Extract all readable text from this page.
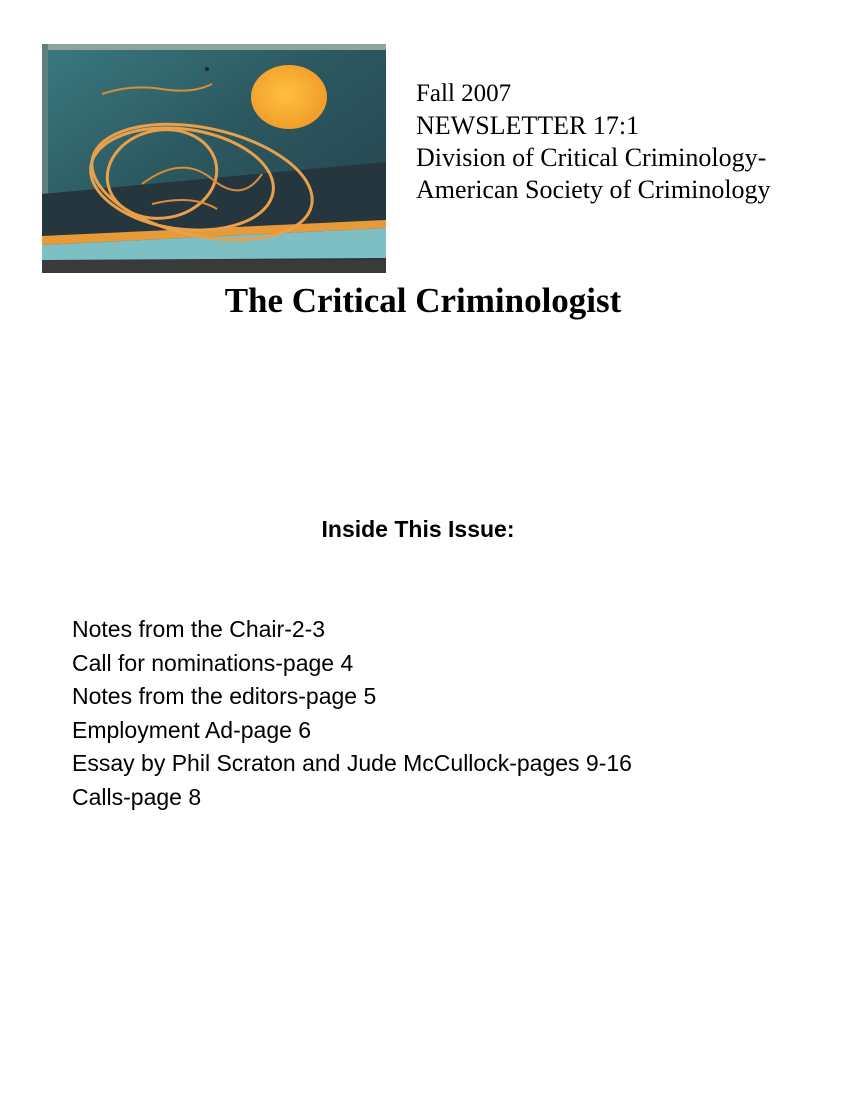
Fall 2007
NEWSLETTER 17:1
Division of Critical Criminology-
American Society of Criminology
The Critical Criminologist
Inside This Issue:
Notes from the Chair-2-3
Call for nominations-page 4
Notes from the editors-page 5
Employment Ad-page 6
Essay by Phil Scraton and Jude McCullock-pages 9-16
Calls-page 8
